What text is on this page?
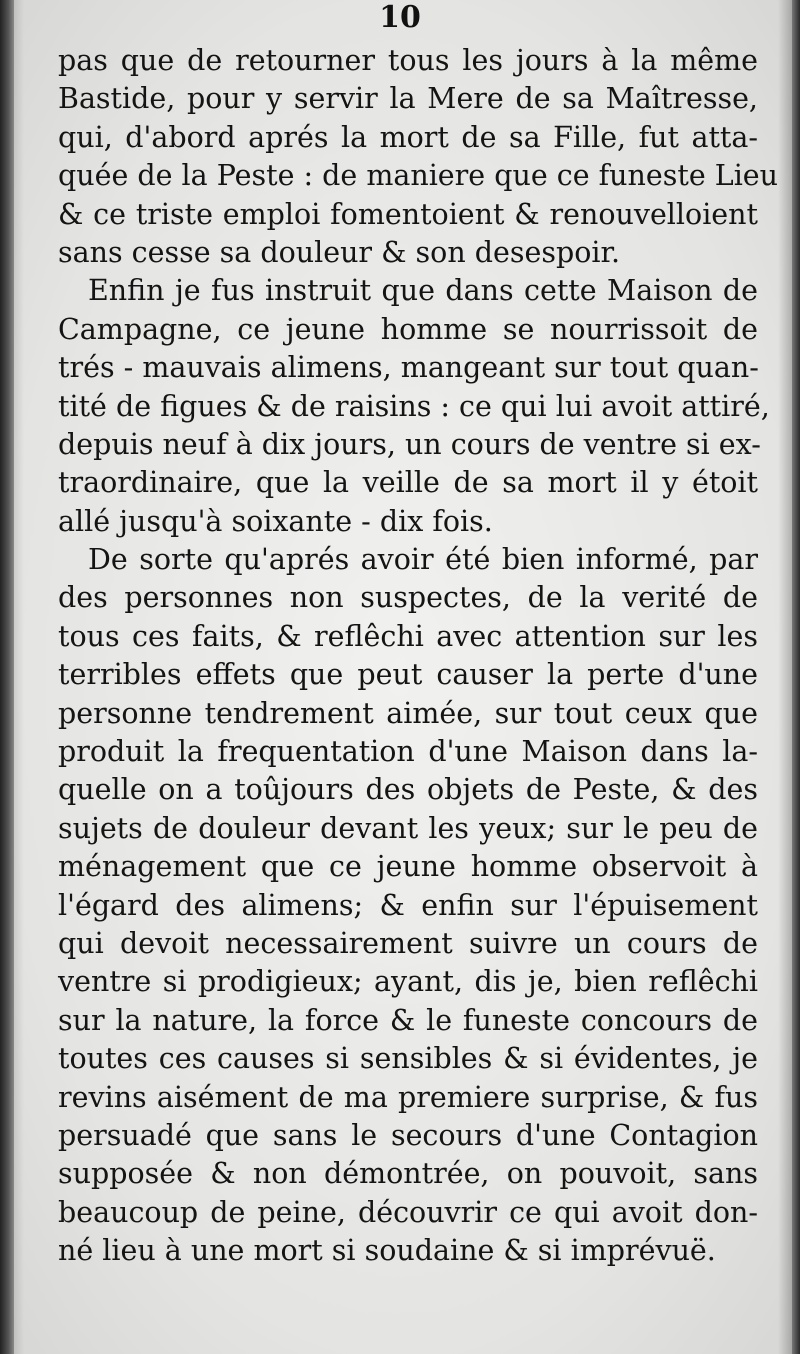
10
pas que de retourner tous les jours à la même
Bastide, pour y servir la Mere de sa Maîtresse,
qui, d'abord aprés la mort de sa Fille, fut atta-
quée de la Peste : de maniere que ce funeste Lieu
& ce triste emploi fomentoient & renouvelloient
sans cesse sa douleur & son desespoir.
Enfin je fus instruit que dans cette Maison de
Campagne, ce jeune homme se nourrissoit de
trés - mauvais alimens, mangeant sur tout quan-
tité de figues & de raisins : ce qui lui avoit attiré,
depuis neuf à dix jours, un cours de ventre si ex-
traordinaire, que la veille de sa mort il y étoit
allé jusqu'à soixante - dix fois.
De sorte qu'aprés avoir été bien informé, par
des personnes non suspectes, de la verité de
tous ces faits, & reflêchi avec attention sur les
terribles effets que peut causer la perte d'une
personne tendrement aimée, sur tout ceux que
produit la frequentation d'une Maison dans la-
quelle on a toûjours des objets de Peste, & des
sujets de douleur devant les yeux; sur le peu de
ménagement que ce jeune homme observoit à
l'égard des alimens; & enfin sur l'épuisement
qui devoit necessairement suivre un cours de
ventre si prodigieux; ayant, dis je, bien reflêchi
sur la nature, la force & le funeste concours de
toutes ces causes si sensibles & si évidentes, je
revins aisément de ma premiere surprise, & fus
persuadé que sans le secours d'une Contagion
supposée & non démontrée, on pouvoit, sans
beaucoup de peine, découvrir ce qui avoit don-
né lieu à une mort si soudaine & si imprévuë.
